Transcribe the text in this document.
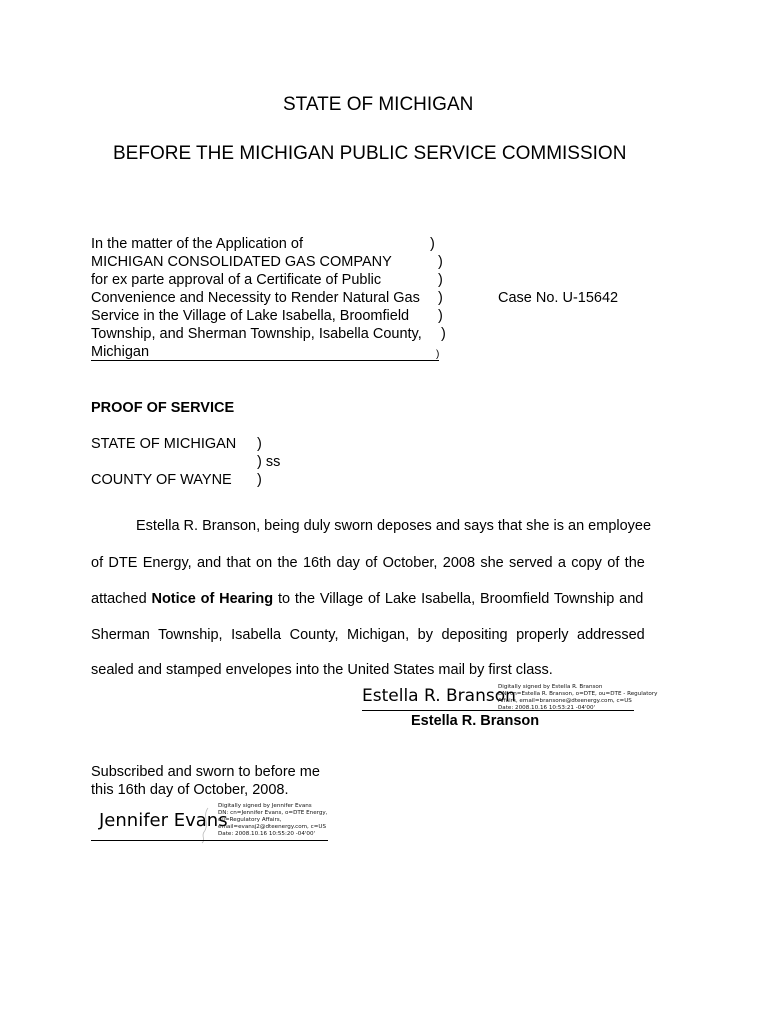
STATE OF MICHIGAN
BEFORE THE MICHIGAN PUBLIC SERVICE COMMISSION
In the matter of the Application of
MICHIGAN CONSOLIDATED GAS COMPANY
for ex parte approval of a Certificate of Public
Convenience and Necessity to Render Natural Gas
Service in the Village of Lake Isabella, Broomfield
Township, and Sherman Township, Isabella County,
Michigan
)
)
)
)
)
)
)
Case No. U-15642
PROOF OF SERVICE
STATE OF MICHIGAN )
) ss
COUNTY OF WAYNE )
Estella R. Branson, being duly sworn deposes and says that she is an employee
of DTE Energy, and that on the 16th day of October, 2008 she served a copy of the
attached Notice of Hearing to the Village of Lake Isabella, Broomfield Township and
Sherman Township, Isabella County, Michigan, by depositing properly addressed
sealed and stamped envelopes into the United States mail by first class.
Estella R. Branson
Digitally signed by Estella R. Branson
DN: cn=Estella R. Branson, o=DTE, ou=DTE - Regulatory
Affairs, email=bransone@dteenergy.com, c=US
Date: 2008.10.16 10:53:21 -04'00'
Estella R. Branson
Subscribed and sworn to before me
this 16th day of October, 2008.
Jennifer Evans
Digitally signed by Jennifer Evans
DN: cn=Jennifer Evans, o=DTE Energy,
ou=Regulatory Affairs,
email=evansj2@dteenergy.com, c=US
Date: 2008.10.16 10:55:20 -04'00'
